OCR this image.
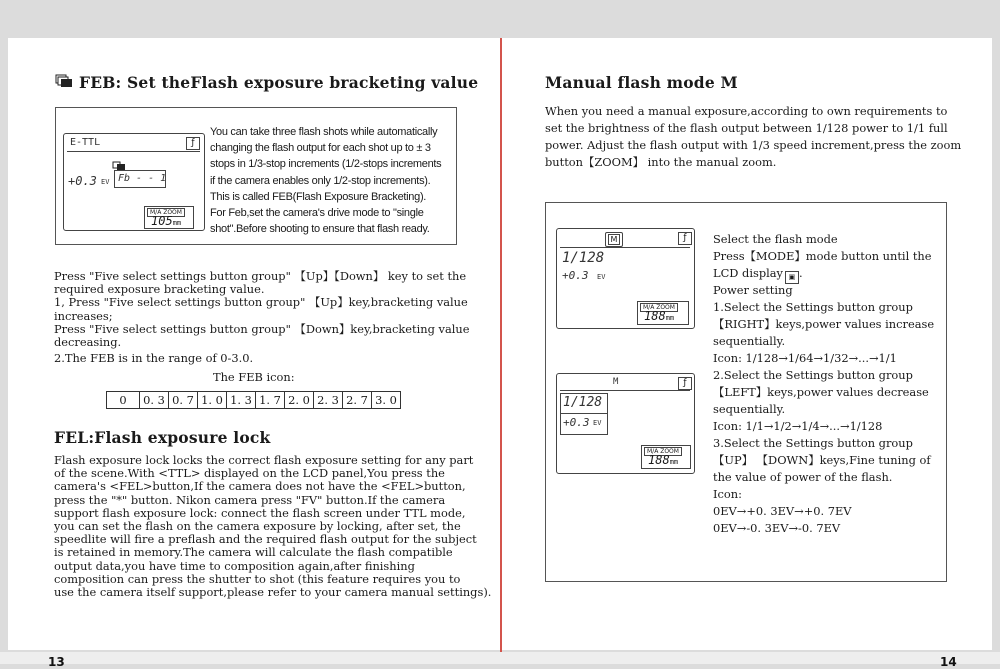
13	14
FEB: Set theFlash exposure bracketing value
E-TTL	ƒ
+0.3 EV Fb - - 1
M/A ZOOM
105mm
You can take three flash shots while automatically
changing the flash output for each shot up to ± 3
stops in 1/3-stop increments (1/2-stops increments
if the camera enables only 1/2-stop increments).
This is called FEB(Flash Exposure Bracketing).
For Feb,set the camera's drive mode to "single
shot".Before shooting to ensure that flash ready.
Press "Five select settings button group" 【Up】【Down】 key to set the
required exposure bracketing value.
1, Press "Five select settings button group" 【Up】key,bracketing value
increases;
Press "Five select settings button group" 【Down】key,bracketing value
decreasing.
2.The FEB is in the range of 0-3.0.
The FEB icon:
0	0. 3	0. 7	1. 0	1. 3	1. 7	2. 0	2. 3	2. 7	3. 0
FEL:Flash exposure lock
Flash exposure lock locks the correct flash exposure setting for any part
of the scene.With <TTL> displayed on the LCD panel,You press the
camera's <FEL>button,If the camera does not have the <FEL>button,
press the "*" button. Nikon camera press "FV" button.If the camera
support flash exposure lock: connect the flash screen under TTL mode,
you can set the flash on the camera exposure by locking, after set, the
speedlite will fire a preflash and the required flash output for the subject
is retained in memory.The camera will calculate the flash compatible
output data,you have time to composition again,after finishing
composition can press the shutter to shot (this feature requires you to
use the camera itself support,please refer to your camera manual settings).
Manual flash mode M
When you need a manual exposure,according to own requirements to
set the brightness of the flash output between 1/128 power to 1/1 full
power. Adjust the flash output with 1/3 speed increment,press the zoom
button【ZOOM】 into the manual zoom.
M	ƒ
1/128
+0.3 EV
M/A ZOOM
188mm
M	ƒ
1/128
+0.3 EV
M/A ZOOM
188mm
Select the flash mode
Press【MODE】mode button until the
LCD display ▣ .
Power setting
1.Select the Settings button group
【RIGHT】keys,power values increase
sequentially.
Icon: 1/128→1/64→1/32→...→1/1
2.Select the Settings button group
【LEFT】keys,power values decrease
sequentially.
Icon: 1/1→1/2→1/4→...→1/128
3.Select the Settings button group
【UP】 【DOWN】keys,Fine tuning of
the value of power of the flash.
Icon:
0EV→+0. 3EV→+0. 7EV
0EV→-0. 3EV→-0. 7EV
